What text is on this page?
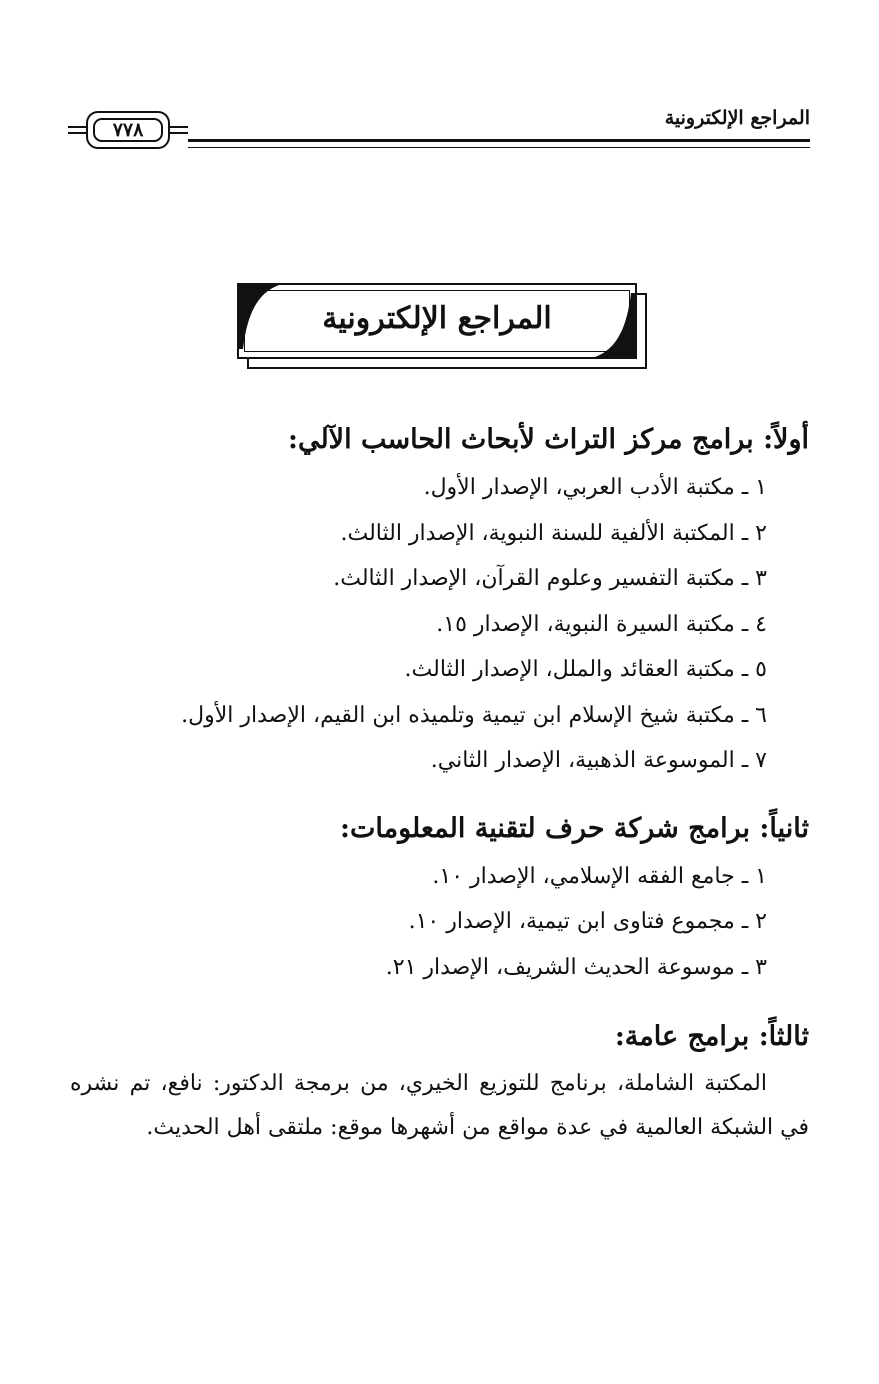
المراجع الإلكترونية
٧٧٨
المراجع الإلكترونية
أولاً: برامج مركز التراث لأبحاث الحاسب الآلي:
١ ـ مكتبة الأدب العربي، الإصدار الأول.
٢ ـ المكتبة الألفية للسنة النبوية، الإصدار الثالث.
٣ ـ مكتبة التفسير وعلوم القرآن، الإصدار الثالث.
٤ ـ مكتبة السيرة النبوية، الإصدار ١٥.
٥ ـ مكتبة العقائد والملل، الإصدار الثالث.
٦ ـ مكتبة شيخ الإسلام ابن تيمية وتلميذه ابن القيم، الإصدار الأول.
٧ ـ الموسوعة الذهبية، الإصدار الثاني.
ثانياً: برامج شركة حرف لتقنية المعلومات:
١ ـ جامع الفقه الإسلامي، الإصدار ١٠.
٢ ـ مجموع فتاوى ابن تيمية، الإصدار ١٠.
٣ ـ موسوعة الحديث الشريف، الإصدار ٢١.
ثالثاً: برامج عامة:

المكتبة الشاملة، برنامج للتوزيع الخيري، من برمجة الدكتور: نافع، تم نشره في الشبكة العالمية في عدة مواقع من أشهرها موقع: ملتقى أهل الحديث.
